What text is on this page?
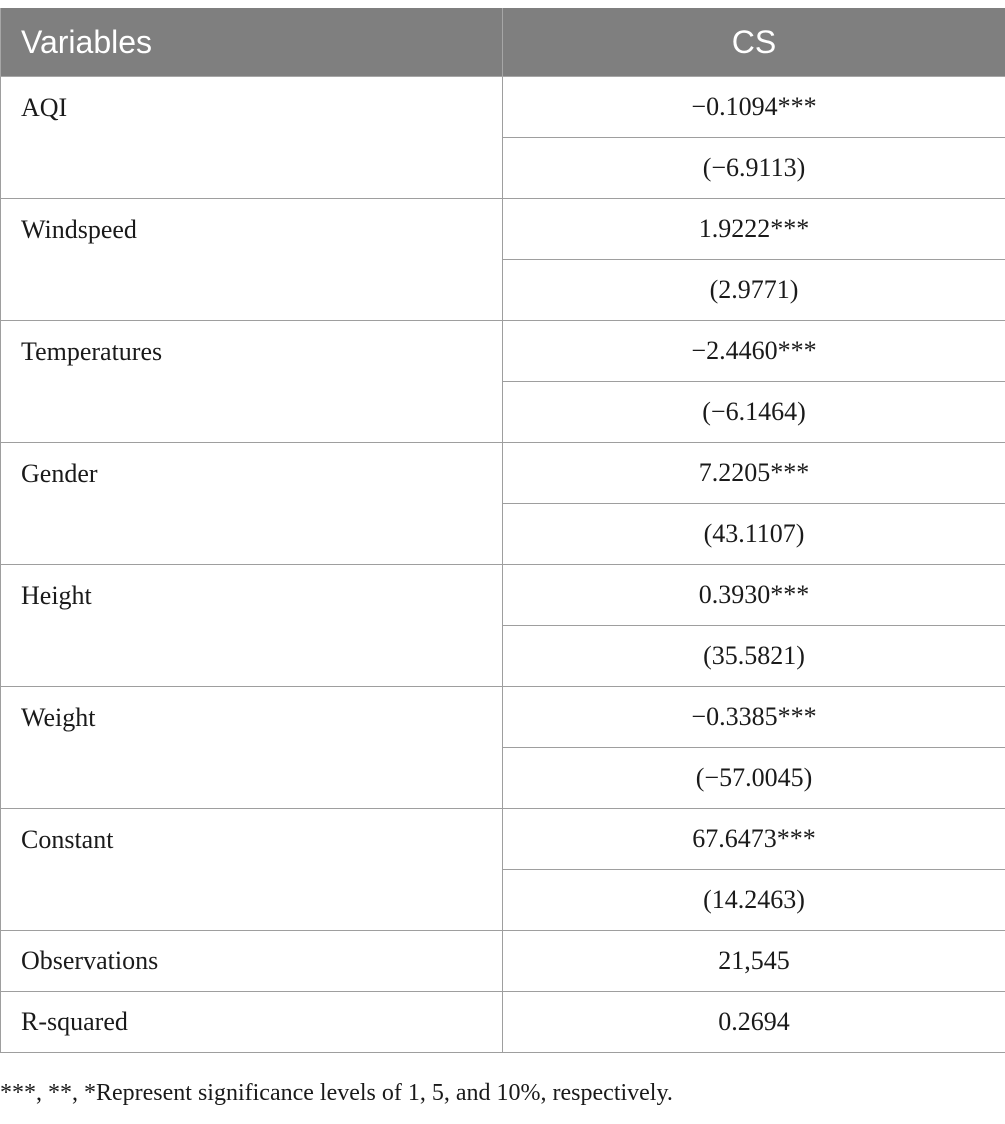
Variables	CS
AQI	−0.1094***
	(−6.9113)
Windspeed	1.9222***
	(2.9771)
Temperatures	−2.4460***
	(−6.1464)
Gender	7.2205***
	(43.1107)
Height	0.3930***
	(35.5821)
Weight	−0.3385***
	(−57.0045)
Constant	67.6473***
	(14.2463)
Observations	21,545
R-squared	0.2694
***, **, *Represent significance levels of 1, 5, and 10%, respectively.
